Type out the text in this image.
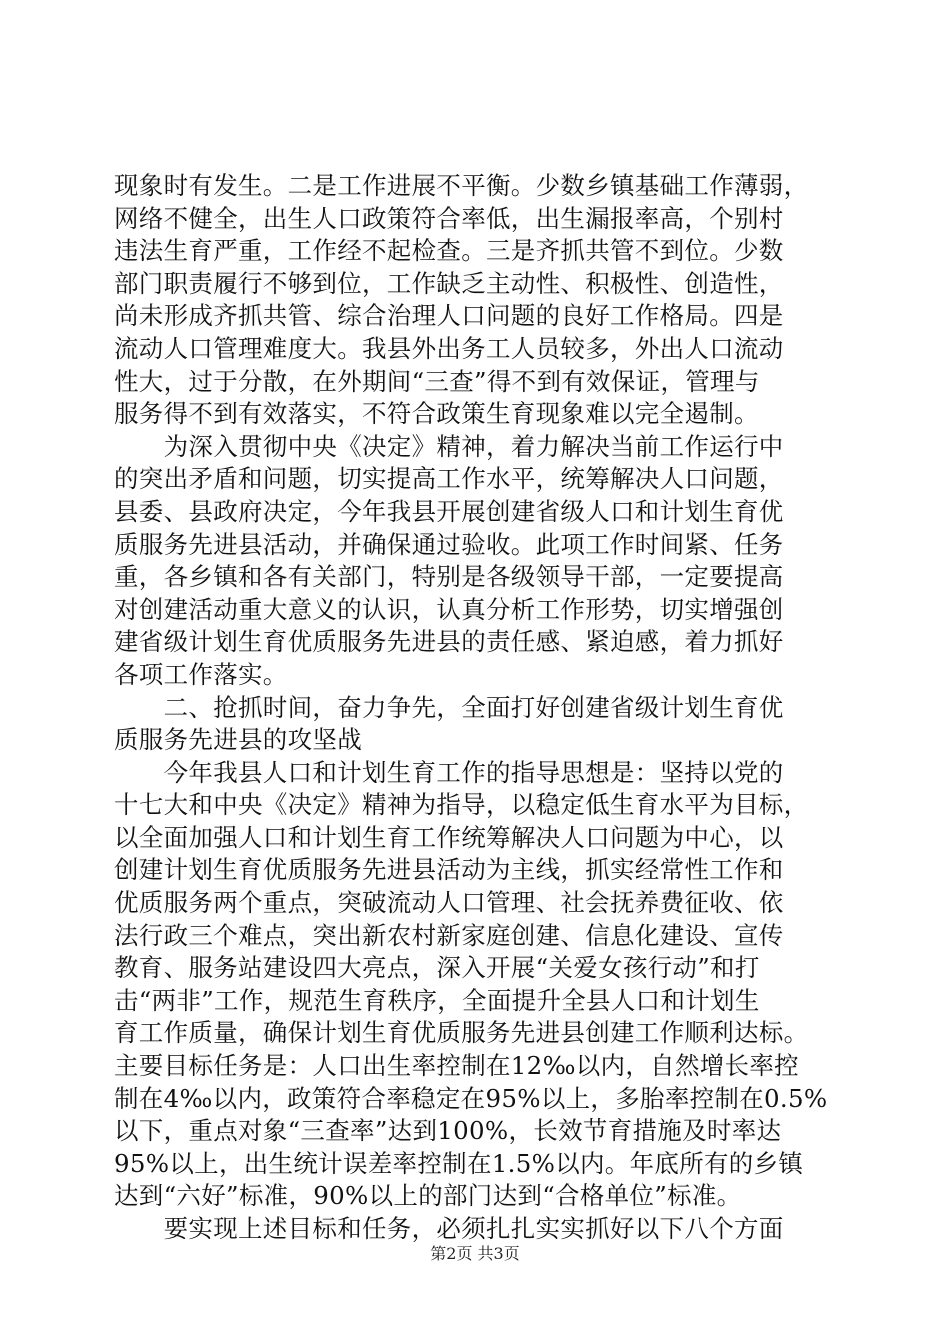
现象时有发生。二是工作进展不平衡。少数乡镇基础工作薄弱，
网络不健全，出生人口政策符合率低，出生漏报率高，个别村
违法生育严重，工作经不起检查。三是齐抓共管不到位。少数
部门职责履行不够到位，工作缺乏主动性、积极性、创造性，
尚未形成齐抓共管、综合治理人口问题的良好工作格局。四是
流动人口管理难度大。我县外出务工人员较多，外出人口流动
性大，过于分散，在外期间“三查”得不到有效保证，管理与
服务得不到有效落实，不符合政策生育现象难以完全遏制。
　　为深入贯彻中央《决定》精神，着力解决当前工作运行中
的突出矛盾和问题，切实提高工作水平，统筹解决人口问题，
县委、县政府决定，今年我县开展创建省级人口和计划生育优
质服务先进县活动，并确保通过验收。此项工作时间紧、任务
重，各乡镇和各有关部门，特别是各级领导干部，一定要提高
对创建活动重大意义的认识，认真分析工作形势，切实增强创
建省级计划生育优质服务先进县的责任感、紧迫感，着力抓好
各项工作落实。
　　二、抢抓时间，奋力争先，全面打好创建省级计划生育优
质服务先进县的攻坚战
　　今年我县人口和计划生育工作的指导思想是：坚持以党的
十七大和中央《决定》精神为指导，以稳定低生育水平为目标，
以全面加强人口和计划生育工作统筹解决人口问题为中心，以
创建计划生育优质服务先进县活动为主线，抓实经常性工作和
优质服务两个重点，突破流动人口管理、社会抚养费征收、依
法行政三个难点，突出新农村新家庭创建、信息化建设、宣传
教育、服务站建设四大亮点，深入开展“关爱女孩行动”和打
击“两非”工作，规范生育秩序，全面提升全县人口和计划生
育工作质量，确保计划生育优质服务先进县创建工作顺利达标。
主要目标任务是：人口出生率控制在12‰以内，自然增长率控
制在4‰以内，政策符合率稳定在95%以上，多胎率控制在0.5%
以下，重点对象“三查率”达到100%，长效节育措施及时率达
95%以上，出生统计误差率控制在1.5%以内。年底所有的乡镇
达到“六好”标准，90%以上的部门达到“合格单位”标准。
　　要实现上述目标和任务，必须扎扎实实抓好以下八个方面
第2页 共3页
